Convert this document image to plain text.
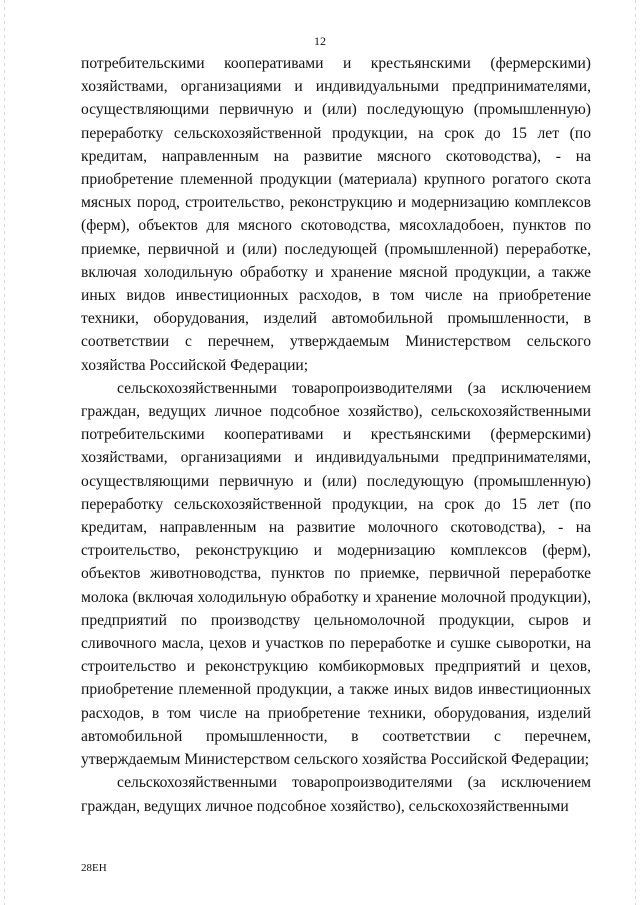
12

потребительскими кооперативами и крестьянскими (фермерскими) хозяйствами, организациями и индивидуальными предпринимателями, осуществляющими первичную и (или) последующую (промышленную) переработку сельскохозяйственной продукции, на срок до 15 лет (по кредитам, направленным на развитие мясного скотоводства), - на приобретение племенной продукции (материала) крупного рогатого скота мясных пород, строительство, реконструкцию и модернизацию комплексов (ферм), объектов для мясного скотоводства, мясохладобоен, пунктов по приемке, первичной и (или) последующей (промышленной) переработке, включая холодильную обработку и хранение мясной продукции, а также иных видов инвестиционных расходов, в том числе на приобретение техники, оборудования, изделий автомобильной промышленности, в соответствии с перечнем, утверждаемым Министерством сельского хозяйства Российской Федерации;

сельскохозяйственными товаропроизводителями (за исключением граждан, ведущих личное подсобное хозяйство), сельскохозяйственными потребительскими кооперативами и крестьянскими (фермерскими) хозяйствами, организациями и индивидуальными предпринимателями, осуществляющими первичную и (или) последующую (промышленную) переработку сельскохозяйственной продукции, на срок до 15 лет (по кредитам, направленным на развитие молочного скотоводства), - на строительство, реконструкцию и модернизацию комплексов (ферм), объектов животноводства, пунктов по приемке, первичной переработке молока (включая холодильную обработку и хранение молочной продукции), предприятий по производству цельномолочной продукции, сыров и сливочного масла, цехов и участков по переработке и сушке сыворотки, на строительство и реконструкцию комбикормовых предприятий и цехов, приобретение племенной продукции, а также иных видов инвестиционных расходов, в том числе на приобретение техники, оборудования, изделий автомобильной промышленности, в соответствии с перечнем, утверждаемым Министерством сельского хозяйства Российской Федерации;

сельскохозяйственными товаропроизводителями (за исключением граждан, ведущих личное подсобное хозяйство), сельскохозяйственными

28ЕН
